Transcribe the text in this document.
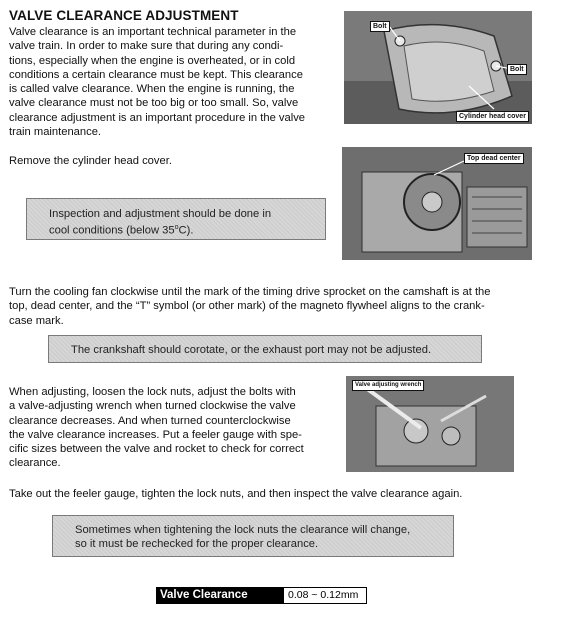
VALVE CLEARANCE ADJUSTMENT
Valve clearance is an important technical parameter in the
valve train. In order to make sure that during any condi-
tions, especially when the engine is overheated, or in cold
conditions a certain clearance must be kept. This clearance
is called valve clearance. When the engine is running, the
valve clearance must not be too big or too small. So, valve
clearance adjustment is an important procedure in the valve
train maintenance.
Bolt
Bolt
Cylinder head cover
Remove the cylinder head cover.
Inspection and adjustment should be done in
cool conditions (below 35$^o$C).
Top dead center
Turn the cooling fan clockwise until the mark of the timing drive sprocket on the camshaft is at the
top, dead center, and the “T” symbol (or other mark) of the magneto flywheel aligns to the crank-
case mark.
The crankshaft should corotate, or the exhaust port may not be adjusted.
When adjusting, loosen the lock nuts, adjust the bolts with
a valve-adjusting wrench when turned clockwise the valve
clearance decreases. And when turned counterclockwise
the valve clearance increases. Put a feeler gauge with spe-
cific sizes between the valve and rocket to check for correct
clearance.
Valve adjusting wrench
Take out the feeler gauge, tighten the lock nuts, and then inspect the valve clearance again.
Sometimes when tightening the lock nuts the clearance will change,
so it must be rechecked for the proper clearance.
Valve Clearance	0.08 ~ 0.12mm
